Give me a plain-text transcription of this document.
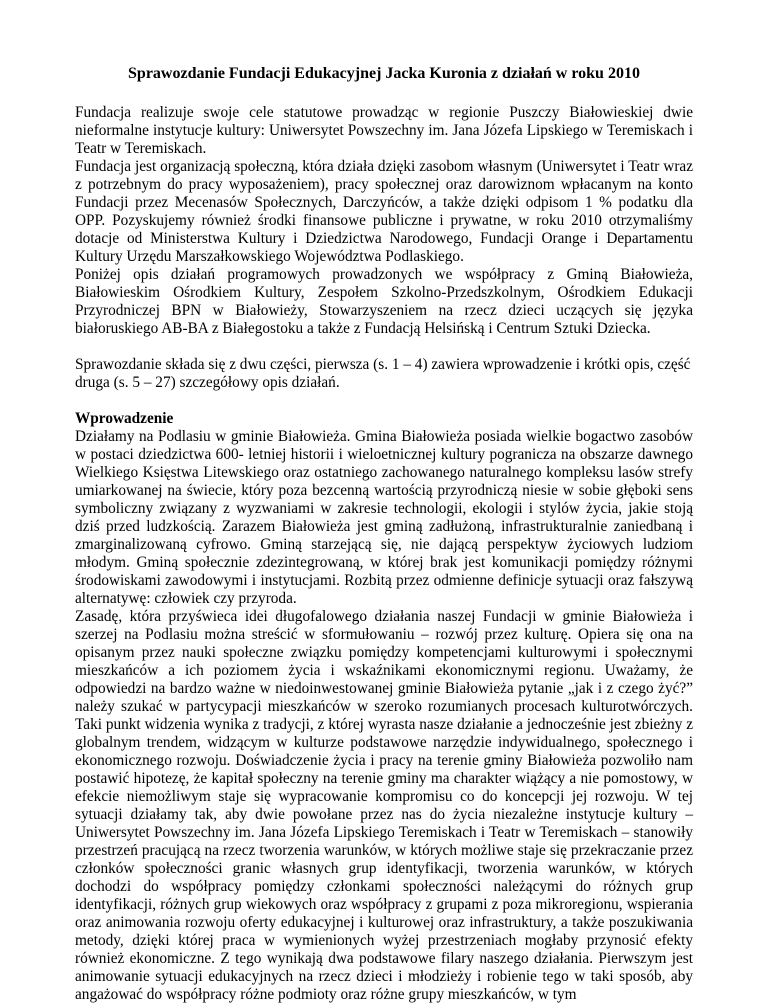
Sprawozdanie Fundacji Edukacyjnej Jacka Kuronia z działań w roku 2010

Fundacja realizuje swoje cele statutowe prowadząc w regionie Puszczy Białowieskiej dwie nieformalne instytucje kultury: Uniwersytet Powszechny im. Jana Józefa Lipskiego w Teremiskach i Teatr w Teremiskach.

Fundacja jest organizacją społeczną, która działa dzięki zasobom własnym (Uniwersytet i Teatr wraz z potrzebnym do pracy wyposażeniem), pracy społecznej oraz darowiznom wpłacanym na konto Fundacji przez Mecenasów Społecznych, Darczyńców, a także dzięki odpisom 1 % podatku dla OPP. Pozyskujemy również środki finansowe publiczne i prywatne, w roku 2010 otrzymaliśmy dotacje od Ministerstwa Kultury i Dziedzictwa Narodowego, Fundacji Orange i Departamentu Kultury Urzędu Marszałkowskiego Województwa Podlaskiego.

Poniżej opis działań programowych prowadzonych we współpracy z Gminą Białowieża, Białowieskim Ośrodkiem Kultury, Zespołem Szkolno-Przedszkolnym, Ośrodkiem Edukacji Przyrodniczej BPN w Białowieży, Stowarzyszeniem na rzecz dzieci uczących się języka białoruskiego AB-BA z Białegostoku a także z Fundacją Helsińską i Centrum Sztuki Dziecka.

Sprawozdanie składa się z dwu części, pierwsza (s. 1 – 4) zawiera wprowadzenie i krótki opis, część druga (s. 5 – 27) szczegółowy opis działań.

Wprowadzenie

Działamy na Podlasiu w gminie Białowieża. Gmina Białowieża posiada wielkie bogactwo zasobów w postaci dziedzictwa 600- letniej historii i wieloetnicznej kultury pogranicza na obszarze dawnego Wielkiego Księstwa Litewskiego oraz ostatniego zachowanego naturalnego kompleksu lasów strefy umiarkowanej na świecie, który poza bezcenną wartością przyrodniczą niesie w sobie głęboki sens symboliczny związany z wyzwaniami w zakresie technologii, ekologii i stylów życia, jakie stoją dziś przed ludzkością. Zarazem Białowieża jest gminą zadłużoną, infrastrukturalnie zaniedbaną i zmarginalizowaną cyfrowo. Gminą starzejącą się, nie dającą perspektyw życiowych ludziom młodym. Gminą społecznie zdezintegrowaną, w której brak jest komunikacji pomiędzy różnymi środowiskami zawodowymi i instytucjami. Rozbitą przez odmienne definicje sytuacji oraz fałszywą alternatywę: człowiek czy przyroda.

Zasadę, która przyświeca idei długofalowego działania naszej Fundacji w gminie Białowieża i szerzej na Podlasiu można streścić w sformułowaniu – rozwój przez kulturę. Opiera się ona na opisanym przez nauki społeczne związku pomiędzy kompetencjami kulturowymi i społecznymi mieszkańców a ich poziomem życia i wskaźnikami ekonomicznymi regionu. Uważamy, że odpowiedzi na bardzo ważne w niedoinwestowanej gminie Białowieża pytanie „jak i z czego żyć?” należy szukać w partycypacji mieszkańców w szeroko rozumianych procesach kulturotwórczych. Taki punkt widzenia wynika z tradycji, z której wyrasta nasze działanie a jednocześnie jest zbieżny z globalnym trendem, widzącym w kulturze podstawowe narzędzie indywidualnego, społecznego i ekonomicznego rozwoju. Doświadczenie życia i pracy na terenie gminy Białowieża pozwoliło nam postawić hipotezę, że kapitał społeczny na terenie gminy ma charakter wiążący a nie pomostowy, w efekcie niemożliwym staje się wypracowanie kompromisu co do koncepcji jej rozwoju. W tej sytuacji działamy tak, aby dwie powołane przez nas do życia niezależne instytucje kultury – Uniwersytet Powszechny im. Jana Józefa Lipskiego Teremiskach i Teatr w Teremiskach – stanowiły przestrzeń pracującą na rzecz tworzenia warunków, w których możliwe staje się przekraczanie przez członków społeczności granic własnych grup identyfikacji, tworzenia warunków, w których dochodzi do współpracy pomiędzy członkami społeczności należącymi do różnych grup identyfikacji, różnych grup wiekowych oraz współpracy z grupami z poza mikroregionu, wspierania oraz animowania rozwoju oferty edukacyjnej i kulturowej oraz infrastruktury, a także poszukiwania metody, dzięki której praca w wymienionych wyżej przestrzeniach mogłaby przynosić efekty również ekonomiczne. Z tego wynikają dwa podstawowe filary naszego działania. Pierwszym jest animowanie sytuacji edukacyjnych na rzecz dzieci i młodzieży i robienie tego w taki sposób, aby angażować do współpracy różne podmioty oraz różne grupy mieszkańców, w tym
